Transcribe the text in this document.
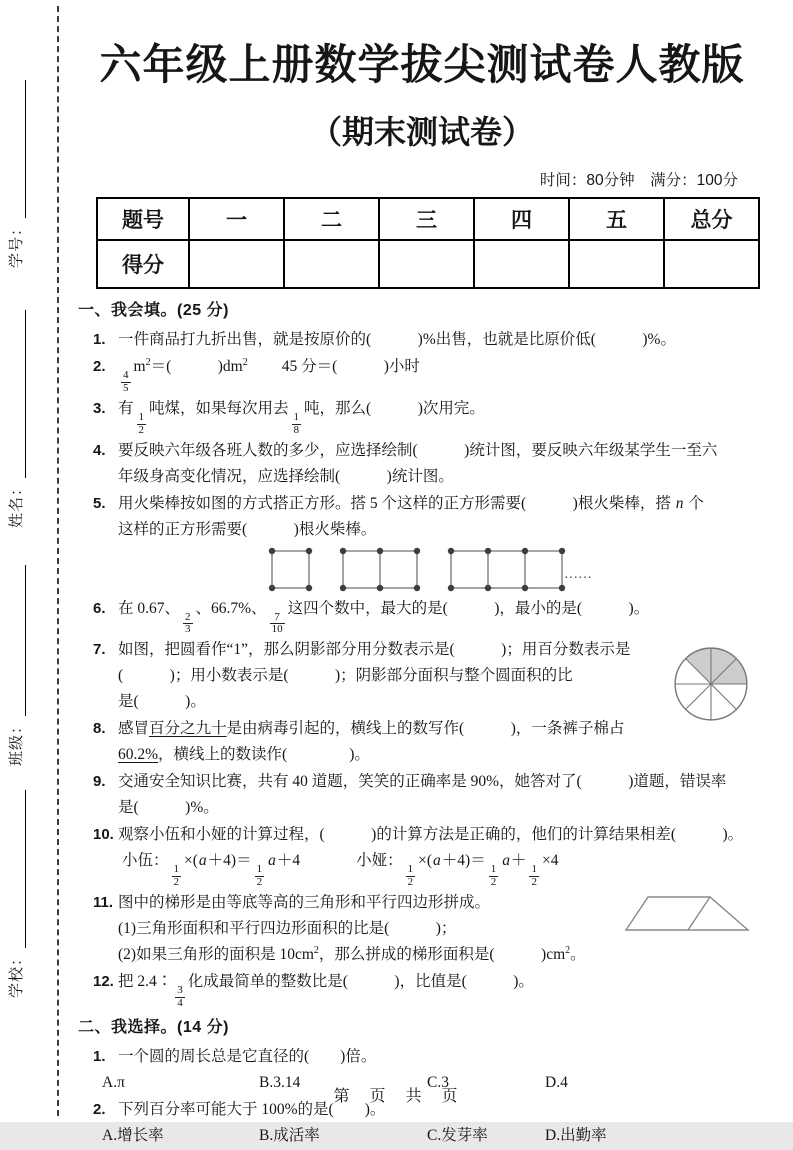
学号：
姓名：
班级：
学校：
六年级上册数学拔尖测试卷人教版
（期末测试卷）
时间：80分钟　满分：100分
题号	一	二	三	四	五	总分
得分						
一、我会填。(25 分)
1. 一件商品打九折出售，就是按原价的(　　　)%出售，也就是比原价低(　　　)%。
2.
$\frac{4}{5}$
$m^2=$(　　　)$dm^2$ 45 分＝(　　　)小时
3. 有
$\frac{1}{2}$
吨煤，如果每次用去
$\frac{1}{8}$
吨，那么(　　　)次用完。
4. 要反映六年级各班人数的多少，应选择绘制(　　　)统计图，要反映六年级某学生一至六
年级身高变化情况，应选择绘制(　　　)统计图。
5. 用火柴棒按如图的方式搭正方形。搭 5 个这样的正方形需要(　　　)根火柴棒，搭 n 个
这样的正方形需要(　　　)根火柴棒。
……
6. 在 0.67、
$\frac{2}{3}$
、66.7%、
$\frac{7}{10}$
这四个数中，最大的是(　　　)，最小的是(　　　)。
7. 如图，把圆看作“1”，那么阴影部分用分数表示是(　　　)；用百分数表示是
(　　　)；用小数表示是(　　　)；阴影部分面积与整个圆面积的比
是(　　　)。
8. 感冒百分之九十是由病毒引起的，横线上的数写作(　　　)，一条裤子棉占
60.2%，横线上的数读作(　　　　)。
9. 交通安全知识比赛，共有 40 道题，笑笑的正确率是 90%，她答对了(　　　)道题，错误率
是(　　　)%。
10. 观察小伍和小娅的计算过程，(　　　)的计算方法是正确的，他们的计算结果相差(　　　)。
小伍：
$\frac{1}{2}$
×(a＋4)＝
$\frac{1}{2}$
a＋4	小娅：
$\frac{1}{2}$
×(a＋4)＝
$\frac{1}{2}$
a＋
$\frac{1}{2}$
×4
11. 图中的梯形是由等底等高的三角形和平行四边形拼成。
(1)三角形面积和平行四边形面积的比是(　　　)；
(2)如果三角形的面积是 $10cm^2$，那么拼成的梯形面积是(　　　)$cm^2$。
12. 把 2.4∶
$\frac{3}{4}$
化成最简单的整数比是(　　　)，比值是(　　　)。
二、我选择。(14 分)
1. 一个圆的周长总是它直径的(　　)倍。
A.π	B.3.14	C.3	D.4
2. 下列百分率可能大于 100%的是(　　)。
A.增长率	B.成活率	C.发芽率	D.出勤率
第　页　共　页
